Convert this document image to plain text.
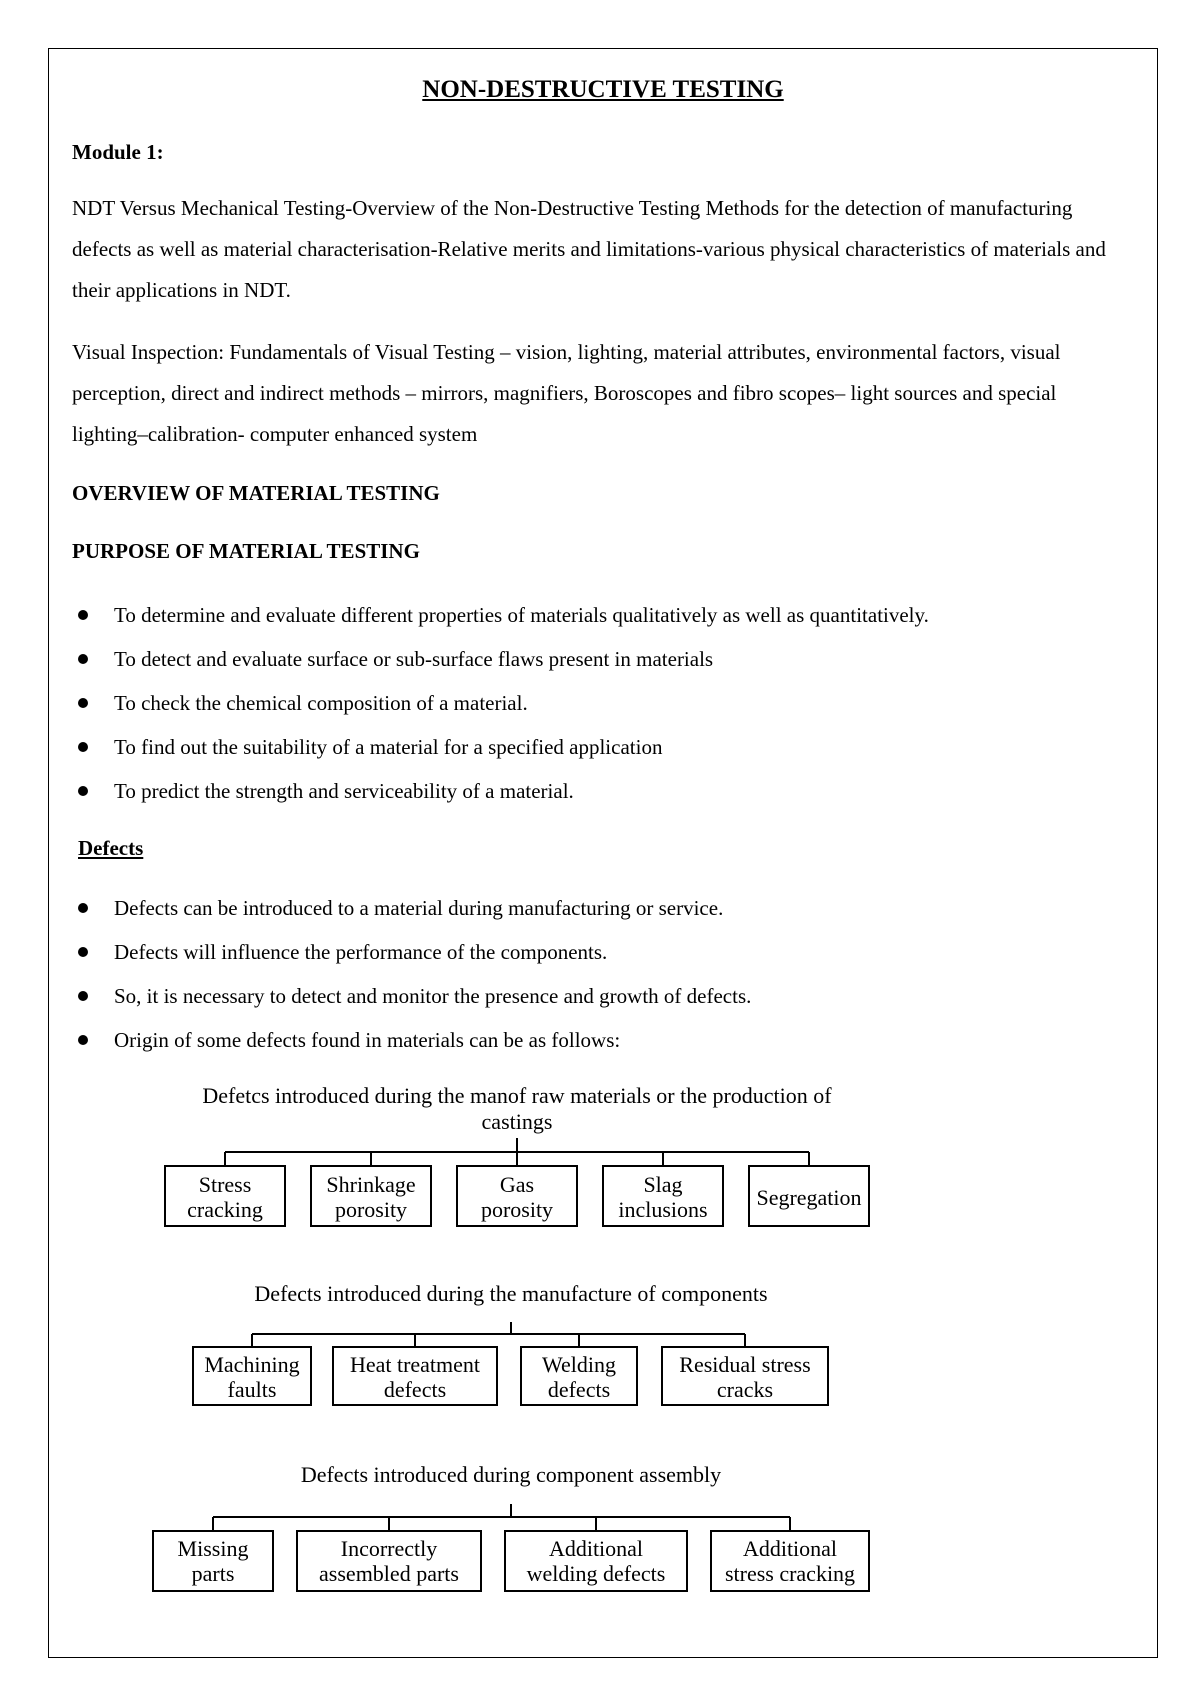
NON-DESTRUCTIVE TESTING
Module 1:

NDT Versus Mechanical Testing-Overview of the Non-Destructive Testing Methods for the detection of manufacturing defects as well as material characterisation-Relative merits and limitations-various physical characteristics of materials and their applications in NDT.

Visual Inspection: Fundamentals of Visual Testing – vision, lighting, material attributes, environmental factors, visual perception, direct and indirect methods – mirrors, magnifiers, Boroscopes and fibro scopes– light sources and special lighting–calibration- computer enhanced system

OVERVIEW OF MATERIAL TESTING
PURPOSE OF MATERIAL TESTING
To determine and evaluate different properties of materials qualitatively as well as quantitatively.
To detect and evaluate surface or sub-surface flaws present in materials
To check the chemical composition of a material.
To find out the suitability of a material for a specified application
To predict the strength and serviceability of a material.
Defects
Defects can be introduced to a material during manufacturing or service.
Defects will influence the performance of the components.
So, it is necessary to detect and monitor the presence and growth of defects.
Origin of some defects found in materials can be as follows:
Defetcs introduced during the manof raw materials or the production of
castings
Stress
cracking
Shrinkage
porosity
Gas
porosity
Slag
inclusions Segregation
Defects introduced during the manufacture of components
Machining
faults
Heat treatment
defects
Welding
defects
Residual stress
cracks
Defects introduced during component assembly
Missing
parts
Incorrectly
assembled parts
Additional
welding defects
Additional
stress cracking
